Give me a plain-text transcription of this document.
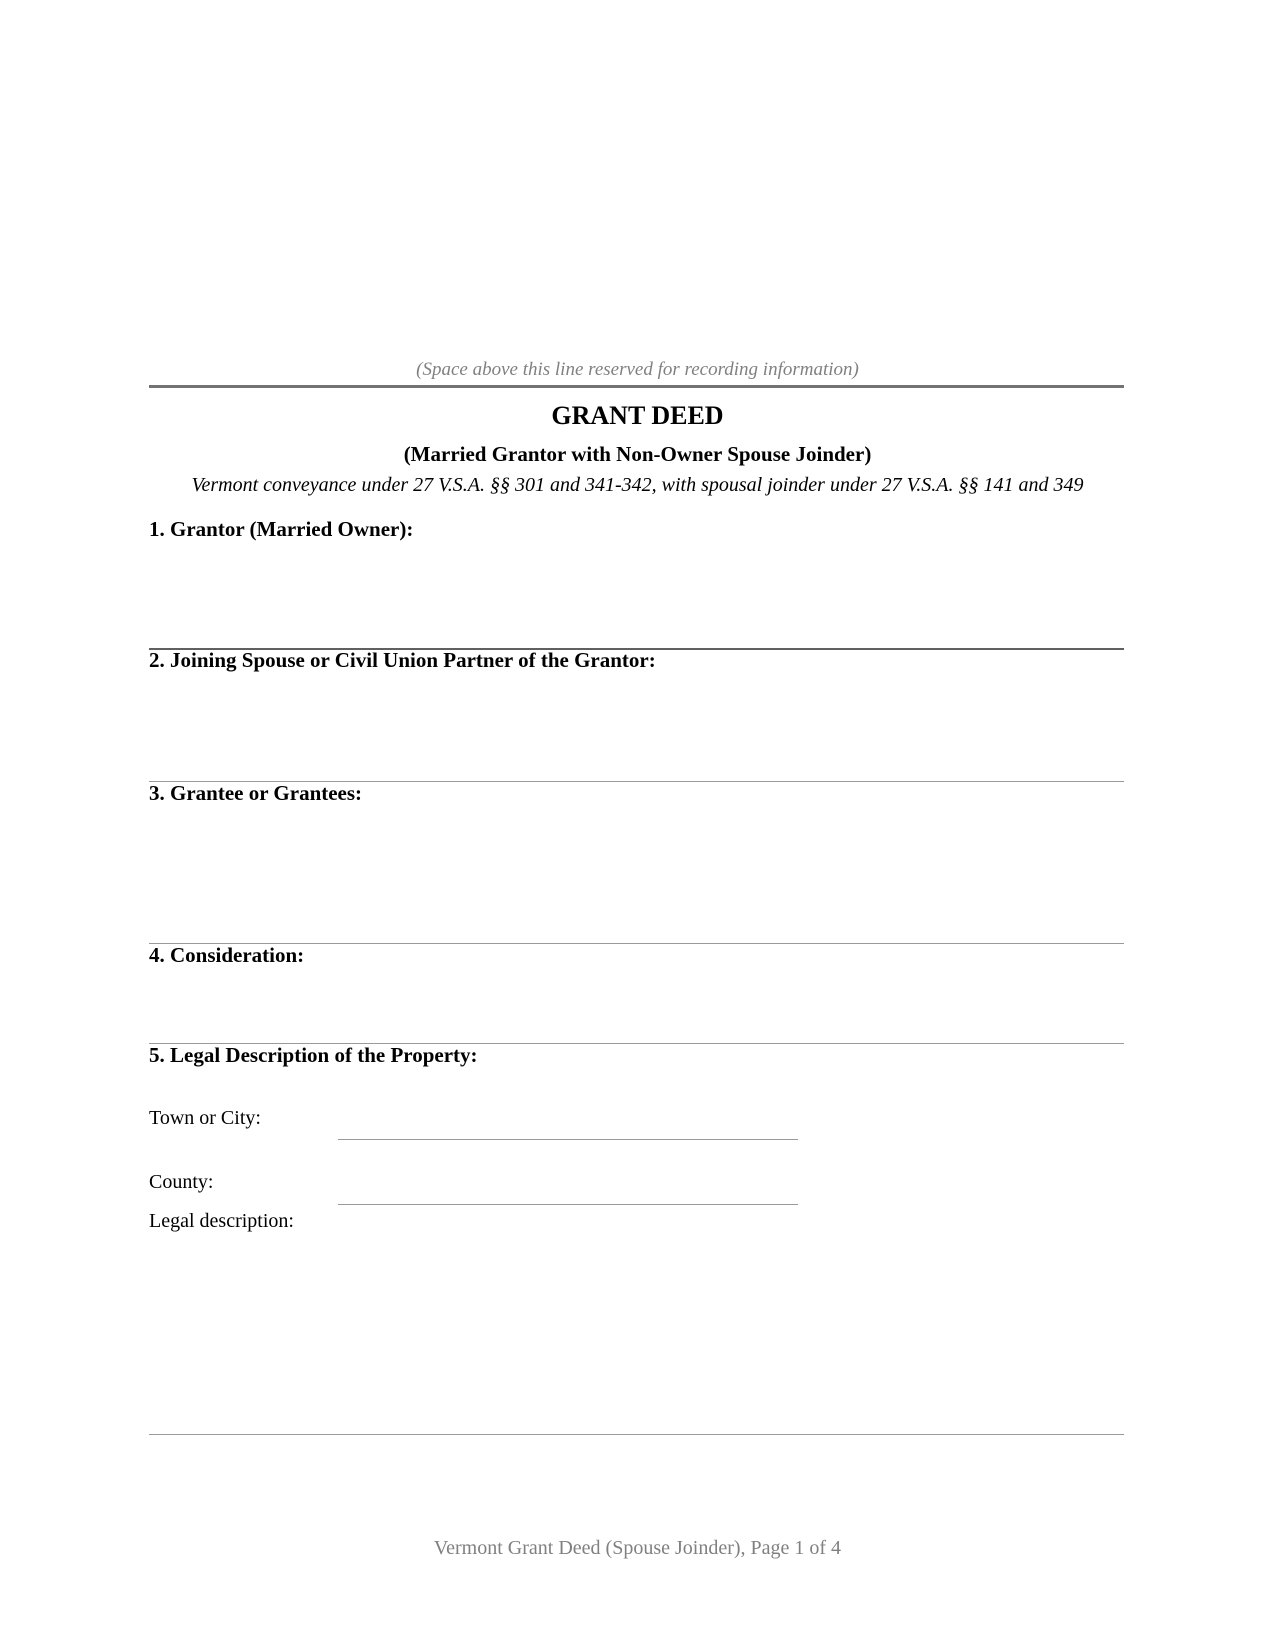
(Space above this line reserved for recording information)
GRANT DEED
(Married Grantor with Non-Owner Spouse Joinder)
Vermont conveyance under 27 V.S.A. §§ 301 and 341-342, with spousal joinder under 27 V.S.A. §§ 141 and 349
1. Grantor (Married Owner):
2. Joining Spouse or Civil Union Partner of the Grantor:
3. Grantee or Grantees:
4. Consideration:
5. Legal Description of the Property:
Town or City:
County:
Legal description:
Vermont Grant Deed (Spouse Joinder), Page 1 of 4
